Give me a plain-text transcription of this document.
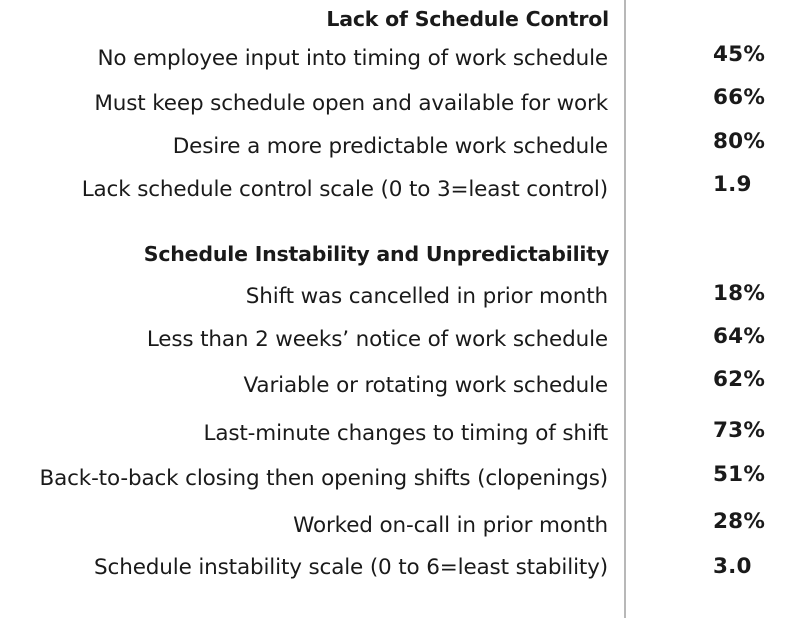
Lack of Schedule Control
No employee input into timing of work schedule	45%
Must keep schedule open and available for work	66%
Desire a more predictable work schedule	80%
Lack schedule control scale (0 to 3=least control)	1.9
Schedule Instability and Unpredictability
Shift was cancelled in prior month	18%
Less than 2 weeks’ notice of work schedule	64%
Variable or rotating work schedule	62%
Last-minute changes to timing of shift	73%
Back-to-back closing then opening shifts (clopenings)	51%
Worked on-call in prior month	28%
Schedule instability scale (0 to 6=least stability)	3.0
